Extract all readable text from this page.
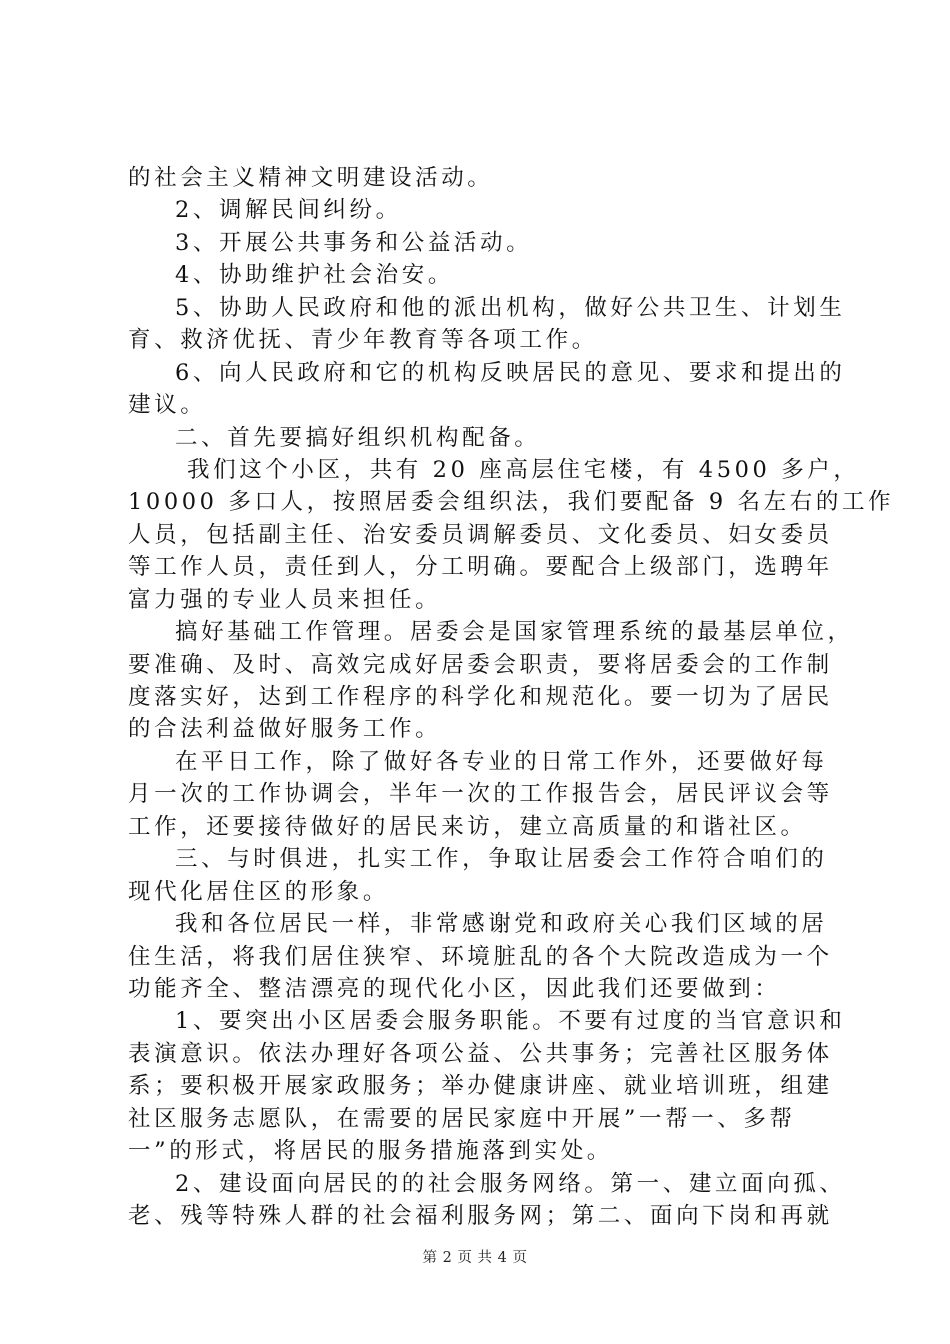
的社会主义精神文明建设活动。
2、调解民间纠纷。
3、开展公共事务和公益活动。
4、协助维护社会治安。
5、协助人民政府和他的派出机构，做好公共卫生、计划生
育、救济优抚、青少年教育等各项工作。
6、向人民政府和它的机构反映居民的意见、要求和提出的
建议。
二、首先要搞好组织机构配备。
我们这个小区，共有 20 座高层住宅楼，有 4500 多户，
10000 多口人，按照居委会组织法，我们要配备 9 名左右的工作
人员，包括副主任、治安委员调解委员、文化委员、妇女委员
等工作人员，责任到人，分工明确。要配合上级部门，选聘年
富力强的专业人员来担任。
搞好基础工作管理。居委会是国家管理系统的最基层单位，
要准确、及时、高效完成好居委会职责，要将居委会的工作制
度落实好，达到工作程序的科学化和规范化。要一切为了居民
的合法利益做好服务工作。
在平日工作，除了做好各专业的日常工作外，还要做好每
月一次的工作协调会，半年一次的工作报告会，居民评议会等
工作，还要接待做好的居民来访，建立高质量的和谐社区。
三、与时俱进，扎实工作，争取让居委会工作符合咱们的
现代化居住区的形象。
我和各位居民一样，非常感谢党和政府关心我们区域的居
住生活，将我们居住狭窄、环境脏乱的各个大院改造成为一个
功能齐全、整洁漂亮的现代化小区，因此我们还要做到：
1、要突出小区居委会服务职能。不要有过度的当官意识和
表演意识。依法办理好各项公益、公共事务；完善社区服务体
系；要积极开展家政服务；举办健康讲座、就业培训班，组建
社区服务志愿队，在需要的居民家庭中开展”一帮一、多帮
一”的形式，将居民的服务措施落到实处。
2、建设面向居民的的社会服务网络。第一、建立面向孤、
老、残等特殊人群的社会福利服务网；第二、面向下岗和再就
第 2 页 共 4 页
